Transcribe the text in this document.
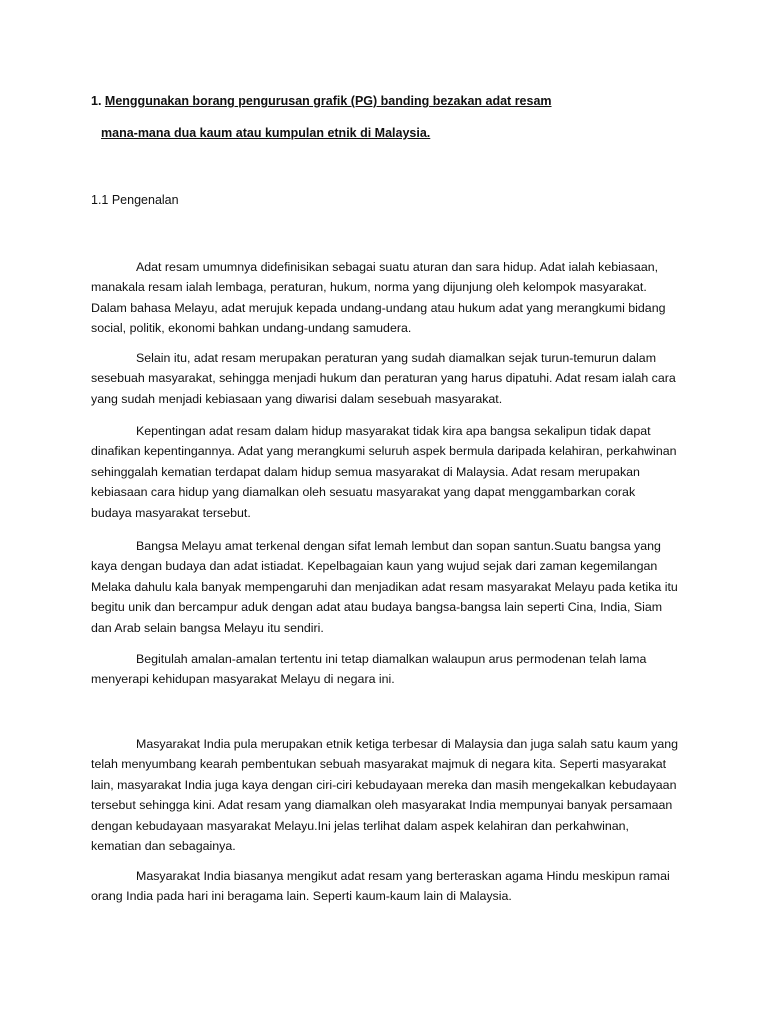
1. Menggunakan borang pengurusan grafik (PG) banding bezakan adat resam
mana-mana dua kaum atau kumpulan etnik di Malaysia.
1.1 Pengenalan

Adat resam umumnya didefinisikan sebagai suatu aturan dan sara hidup. Adat ialah kebiasaan, manakala resam ialah lembaga, peraturan, hukum, norma yang dijunjung oleh kelompok masyarakat. Dalam bahasa Melayu, adat merujuk kepada undang-undang atau hukum adat yang merangkumi bidang social, politik, ekonomi bahkan undang-undang samudera.

Selain itu, adat resam merupakan peraturan yang sudah diamalkan sejak turun-temurun dalam sesebuah masyarakat, sehingga menjadi hukum dan peraturan yang harus dipatuhi. Adat resam ialah cara yang sudah menjadi kebiasaan yang diwarisi dalam sesebuah masyarakat.

Kepentingan adat resam dalam hidup masyarakat tidak kira apa bangsa sekalipun tidak dapat dinafikan kepentingannya. Adat yang merangkumi seluruh aspek bermula daripada kelahiran, perkahwinan sehinggalah kematian terdapat dalam hidup semua masyarakat di Malaysia. Adat resam merupakan kebiasaan cara hidup yang diamalkan oleh sesuatu masyarakat yang dapat menggambarkan corak budaya masyarakat tersebut.

Bangsa Melayu amat terkenal dengan sifat lemah lembut dan sopan santun.Suatu bangsa yang kaya dengan budaya dan adat istiadat. Kepelbagaian kaun yang wujud sejak dari zaman kegemilangan Melaka dahulu kala banyak mempengaruhi dan menjadikan adat resam masyarakat Melayu pada ketika itu begitu unik dan bercampur aduk dengan adat atau budaya bangsa-bangsa lain seperti Cina, India, Siam dan Arab selain bangsa Melayu itu sendiri.

Begitulah amalan-amalan tertentu ini tetap diamalkan walaupun arus permodenan telah lama menyerapi kehidupan masyarakat Melayu di negara ini.

Masyarakat India pula merupakan etnik ketiga terbesar di Malaysia dan juga salah satu kaum yang telah menyumbang kearah pembentukan sebuah masyarakat majmuk di negara kita. Seperti masyarakat lain, masyarakat India juga kaya dengan ciri-ciri kebudayaan mereka dan masih mengekalkan kebudayaan tersebut sehingga kini. Adat resam yang diamalkan oleh masyarakat India mempunyai banyak persamaan dengan kebudayaan masyarakat Melayu.Ini jelas terlihat dalam aspek kelahiran dan perkahwinan, kematian dan sebagainya.

Masyarakat India biasanya mengikut adat resam yang berteraskan agama Hindu meskipun ramai orang India pada hari ini beragama lain. Seperti kaum-kaum lain di Malaysia.
